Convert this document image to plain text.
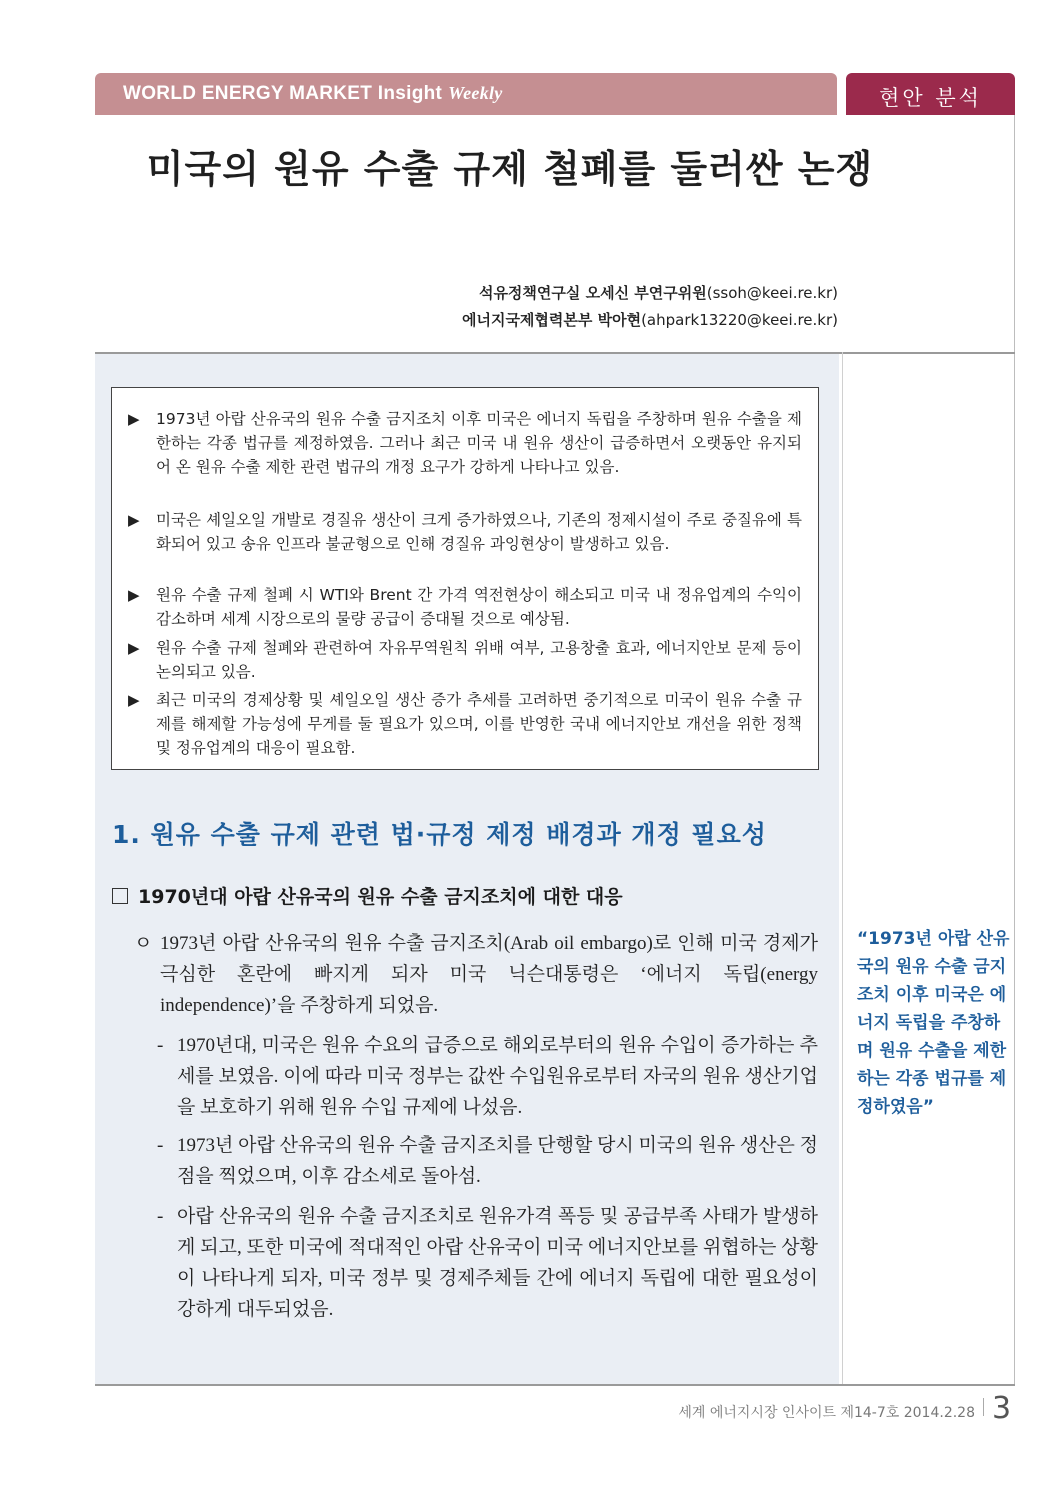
WORLD ENERGY MARKET Insight Weekly	현안 분석
미국의 원유 수출 규제 철폐를 둘러싼 논쟁
석유정책연구실 오세신 부연구위원(ssoh@keei.re.kr)
에너지국제협력본부 박아현(ahpark13220@keei.re.kr)
▶ 1973년 아랍 산유국의 원유 수출 금지조치 이후 미국은 에너지 독립을 주창하며 원유 수출을 제한하는 각종 법규를 제정하였음. 그러나 최근 미국 내 원유 생산이 급증하면서 오랫동안 유지되어 온 원유 수출 제한 관련 법규의 개정 요구가 강하게 나타나고 있음.
▶ 미국은 셰일오일 개발로 경질유 생산이 크게 증가하였으나, 기존의 정제시설이 주로 중질유에 특화되어 있고 송유 인프라 불균형으로 인해 경질유 과잉현상이 발생하고 있음.
▶ 원유 수출 규제 철폐 시 WTI와 Brent 간 가격 역전현상이 해소되고 미국 내 정유업계의 수익이 감소하며 세계 시장으로의 물량 공급이 증대될 것으로 예상됨.
▶ 원유 수출 규제 철폐와 관련하여 자유무역원칙 위배 여부, 고용창출 효과, 에너지안보 문제 등이 논의되고 있음.
▶ 최근 미국의 경제상황 및 셰일오일 생산 증가 추세를 고려하면 중기적으로 미국이 원유 수출 규제를 해제할 가능성에 무게를 둘 필요가 있으며, 이를 반영한 국내 에너지안보 개선을 위한 정책 및 정유업계의 대응이 필요함.
1. 원유 수출 규제 관련 법·규정 제정 배경과 개정 필요성
1970년대 아랍 산유국의 원유 수출 금지조치에 대한 대응
ㅇ 1973년 아랍 산유국의 원유 수출 금지조치(Arab oil embargo)로 인해 미국 경제가 극심한 혼란에 빠지게 되자 미국 닉슨대통령은 ‘에너지 독립(energy independence)’을 주창하게 되었음.
- 1970년대, 미국은 원유 수요의 급증으로 해외로부터의 원유 수입이 증가하는 추세를 보였음. 이에 따라 미국 정부는 값싼 수입원유로부터 자국의 원유 생산기업을 보호하기 위해 원유 수입 규제에 나섰음.
- 1973년 아랍 산유국의 원유 수출 금지조치를 단행할 당시 미국의 원유 생산은 정점을 찍었으며, 이후 감소세로 돌아섬.
- 아랍 산유국의 원유 수출 금지조치로 원유가격 폭등 및 공급부족 사태가 발생하게 되고, 또한 미국에 적대적인 아랍 산유국이 미국 에너지안보를 위협하는 상황이 나타나게 되자, 미국 정부 및 경제주체들 간에 에너지 독립에 대한 필요성이 강하게 대두되었음.
“1973년 아랍 산유국의 원유 수출 금지조치 이후 미국은 에너지 독립을 주창하며 원유 수출을 제한하는 각종 법규를 제정하였음”
세계 에너지시장 인사이트 제14-7호 2014.2.28 3
